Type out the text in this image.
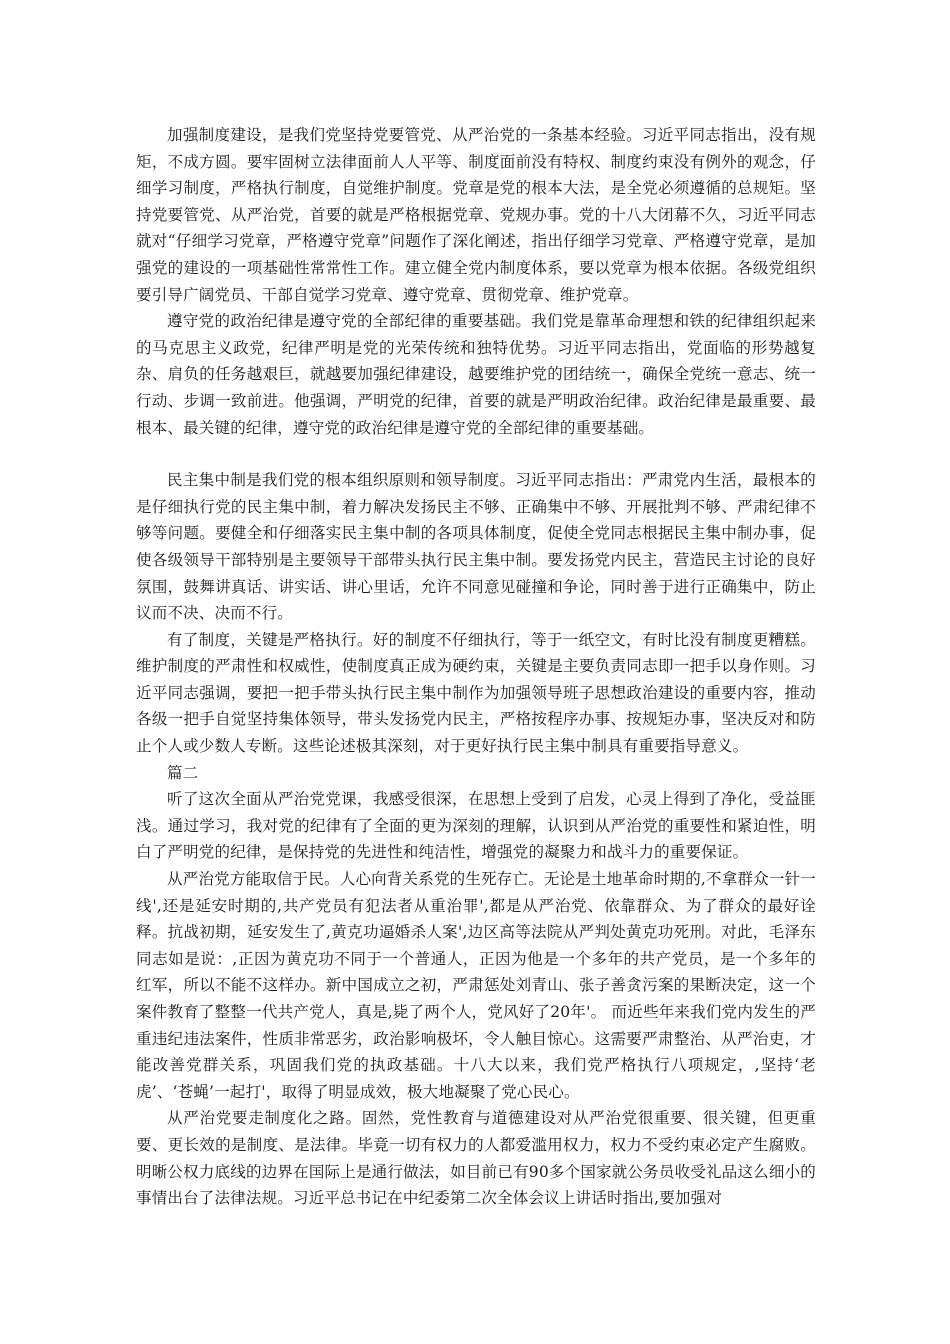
加强制度建设，是我们党坚持党要管党、从严治党的一条基本经验。习近平同志指出，没有规矩，不成方圆。要牢固树立法律面前人人平等、制度面前没有特权、制度约束没有例外的观念，仔细学习制度，严格执行制度，自觉维护制度。党章是党的根本大法，是全党必须遵循的总规矩。坚持党要管党、从严治党，首要的就是严格根据党章、党规办事。党的十八大闭幕不久，习近平同志就对“仔细学习党章，严格遵守党章”问题作了深化阐述，指出仔细学习党章、严格遵守党章，是加强党的建设的一项基础性常常性工作。建立健全党内制度体系，要以党章为根本依据。各级党组织要引导广阔党员、干部自觉学习党章、遵守党章、贯彻党章、维护党章。

遵守党的政治纪律是遵守党的全部纪律的重要基础。我们党是靠革命理想和铁的纪律组织起来的马克思主义政党，纪律严明是党的光荣传统和独特优势。习近平同志指出，党面临的形势越复杂、肩负的任务越艰巨，就越要加强纪律建设，越要维护党的团结统一，确保全党统一意志、统一行动、步调一致前进。他强调，严明党的纪律，首要的就是严明政治纪律。政治纪律是最重要、最根本、最关键的纪律，遵守党的政治纪律是遵守党的全部纪律的重要基础。

民主集中制是我们党的根本组织原则和领导制度。习近平同志指出：严肃党内生活，最根本的是仔细执行党的民主集中制，着力解决发扬民主不够、正确集中不够、开展批判不够、严肃纪律不够等问题。要健全和仔细落实民主集中制的各项具体制度，促使全党同志根据民主集中制办事，促使各级领导干部特别是主要领导干部带头执行民主集中制。要发扬党内民主，营造民主讨论的良好氛围，鼓舞讲真话、讲实话、讲心里话，允许不同意见碰撞和争论，同时善于进行正确集中，防止议而不决、决而不行。

有了制度，关键是严格执行。好的制度不仔细执行，等于一纸空文，有时比没有制度更糟糕。维护制度的严肃性和权威性，使制度真正成为硬约束，关键是主要负责同志即一把手以身作则。习近平同志强调，要把一把手带头执行民主集中制作为加强领导班子思想政治建设的重要内容，推动各级一把手自觉坚持集体领导，带头发扬党内民主，严格按程序办事、按规矩办事，坚决反对和防止个人或少数人专断。这些论述极其深刻，对于更好执行民主集中制具有重要指导意义。

篇二

听了这次全面从严治党党课，我感受很深，在思想上受到了启发，心灵上得到了净化，受益匪浅。通过学习，我对党的纪律有了全面的更为深刻的理解，认识到从严治党的重要性和紧迫性，明白了严明党的纪律，是保持党的先进性和纯洁性，增强党的凝聚力和战斗力的重要保证。

从严治党方能取信于民。人心向背关系党的生死存亡。无论是土地革命时期的,不拿群众一针一线',还是延安时期的,共产党员有犯法者从重治罪',都是从严治党、依靠群众、为了群众的最好诠释。抗战初期，延安发生了,黄克功逼婚杀人案',边区高等法院从严判处黄克功死刑。对此，毛泽东同志如是说：,正因为黄克功不同于一个普通人，正因为他是一个多年的共产党员，是一个多年的红军，所以不能不这样办。新中国成立之初，严肃惩处刘青山、张子善贪污案的果断决定，这一个案件教育了整整一代共产党人，真是,毙了两个人，党风好了20年'。 而近些年来我们党内发生的严重违纪违法案件，性质非常恶劣，政治影响极坏，令人触目惊心。这需要严肃整治、从严治吏，才能改善党群关系，巩固我们党的执政基础。十八大以来，我们党严格执行八项规定，,坚持‘老虎’、‘苍蝇’一起打'，取得了明显成效，极大地凝聚了党心民心。

从严治党要走制度化之路。固然，党性教育与道德建设对从严治党很重要、很关键，但更重要、更长效的是制度、是法律。毕竟一切有权力的人都爱滥用权力，权力不受约束必定产生腐败。明晰公权力底线的边界在国际上是通行做法，如目前已有90多个国家就公务员收受礼品这么细小的事情出台了法律法规。习近平总书记在中纪委第二次全体会议上讲话时指出,要加强对
